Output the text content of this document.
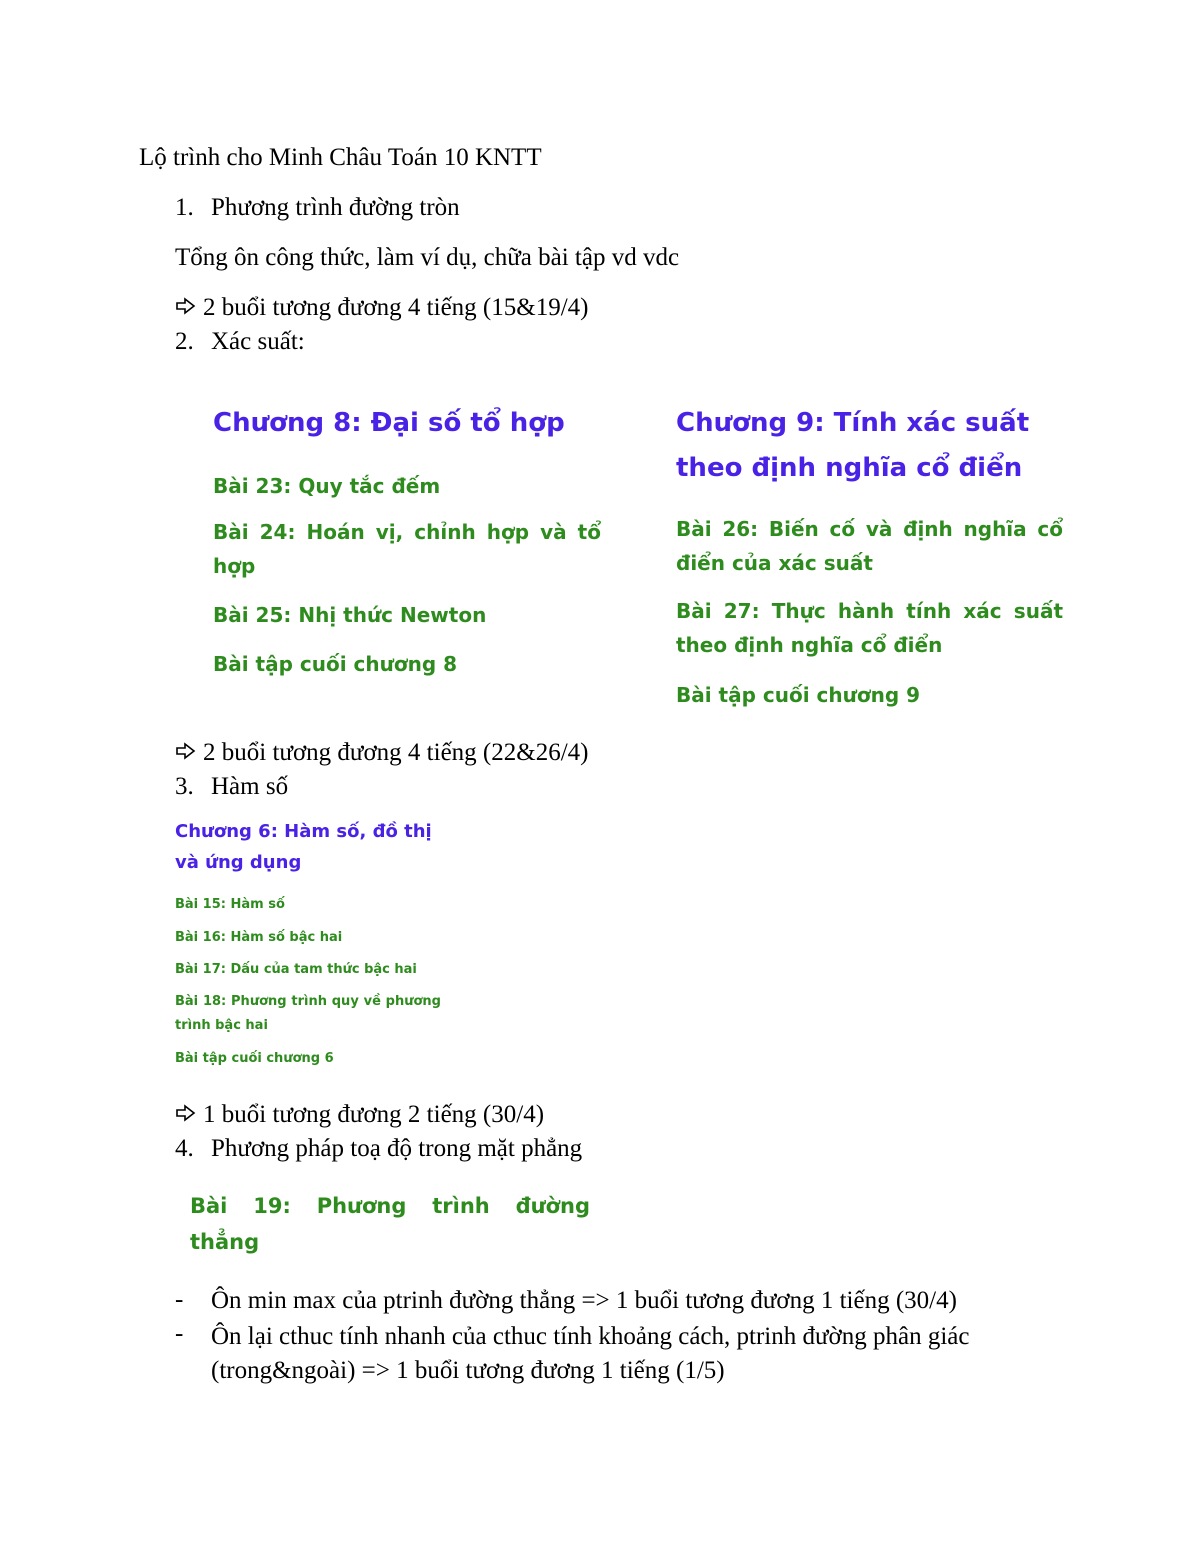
Lộ trình cho Minh Châu Toán 10 KNTT
1. Phương trình đường tròn
Tổng ôn công thức, làm ví dụ, chữa bài tập vd vdc
2 buổi tương đương 4 tiếng (15&19/4)
2. Xác suất:
Chương 8: Đại số tổ hợp
Bài 23: Quy tắc đếm
Bài 24: Hoán vị, chỉnh hợp và tổ hợp
Bài 25: Nhị thức Newton
Bài tập cuối chương 8
Chương 9: Tính xác suất theo định nghĩa cổ điển
Bài 26: Biến cố và định nghĩa cổ điển của xác suất
Bài 27: Thực hành tính xác suất theo định nghĩa cổ điển
Bài tập cuối chương 9
2 buổi tương đương 4 tiếng (22&26/4)
3. Hàm số
Chương 6: Hàm số, đồ thị và ứng dụng
Bài 15: Hàm số
Bài 16: Hàm số bậc hai
Bài 17: Dấu của tam thức bậc hai
Bài 18: Phương trình quy về phương trình bậc hai
Bài tập cuối chương 6
1 buổi tương đương 2 tiếng (30/4)
4. Phương pháp toạ độ trong mặt phẳng
Bài 19: Phương trình đường thẳng
- Ôn min max của ptrinh đường thẳng => 1 buổi tương đương 1 tiếng (30/4)
- Ôn lại cthuc tính nhanh của cthuc tính khoảng cách, ptrinh đường phân giác (trong&ngoài) => 1 buổi tương đương 1 tiếng (1/5)
